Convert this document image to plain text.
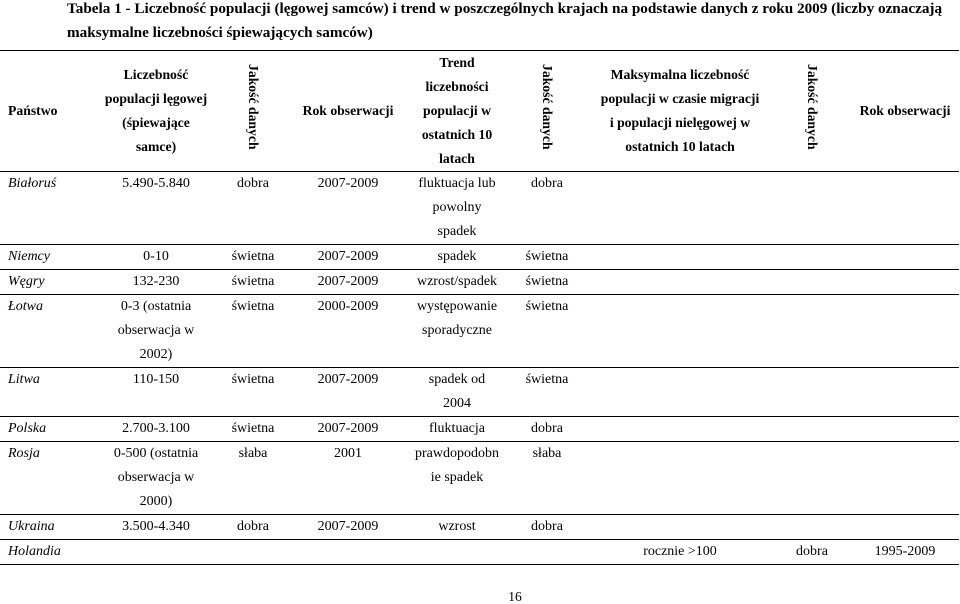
Tabela 1 - Liczebność populacji (lęgowej samców) i trend w poszczególnych krajach na podstawie danych z roku 2009 (liczby oznaczają
maksymalne liczebności śpiewających samców)
Państwo	Liczebność
populacji lęgowej
(śpiewające
samce)	Jakość danych	Rok obserwacji	Trend
liczebności
populacji w
ostatnich 10
latach	Jakość danych	Maksymalna liczebność
populacji w czasie migracji
i populacji nielęgowej w
ostatnich 10 latach	Jakość danych	Rok obserwacji
Białoruś	5.490-5.840	dobra	2007-2009	fluktuacja lub
powolny
spadek	dobra			
Niemcy	0-10	świetna	2007-2009	spadek	świetna			
Węgry	132-230	świetna	2007-2009	wzrost/spadek	świetna			
Łotwa	0-3 (ostatnia
obserwacja w
2002)	świetna	2000-2009	występowanie
sporadyczne	świetna			
Litwa	110-150	świetna	2007-2009	spadek od
2004	świetna			
Polska	2.700-3.100	świetna	2007-2009	fluktuacja	dobra			
Rosja	0-500 (ostatnia
obserwacja w
2000)	słaba	2001	prawdopodobn
ie spadek	słaba			
Ukraina	3.500-4.340	dobra	2007-2009	wzrost	dobra			
Holandia						rocznie >100	dobra	1995-2009
16
